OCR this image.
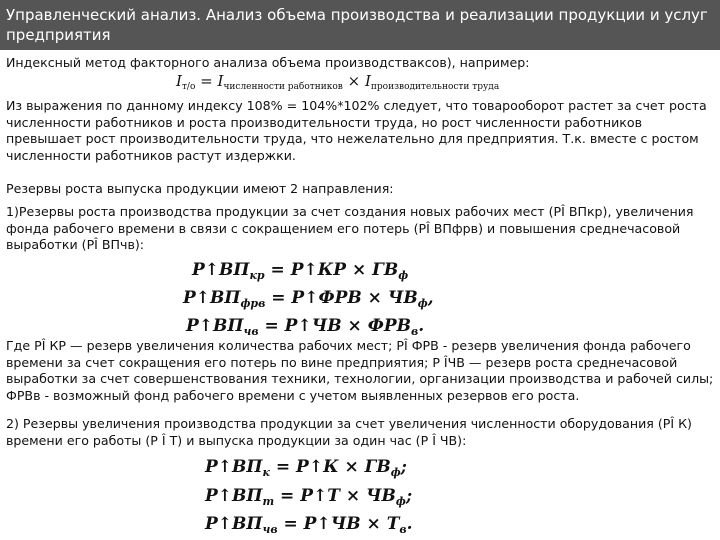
Управленческий анализ. Анализ объема производства и реализации продукции и услуг предприятия
Индексный метод факторного анализа объема производствaксов), например:
$I_{т/о} = I_{численности работников} \times I_{производительности труда}$
Из выражения по данному индексу 108% = 104%*102% следует, что товарооборот растет за счет роста численности работников и роста производительности труда, но рост численности работников превышает рост производительности труда, что нежелательно для предприятия. Т.к. вместе с ростом численности работников растут издержки.
Резервы роста выпуска продукции имеют 2 направления:
1)Резервы роста производства продукции за счет создания новых рабочих мест (РÎ ВПкр), увеличения фонда рабочего времени в связи с сокращением его потерь (РÎ ВПфрв) и повышения среднечасовой выработки (РÎ ВПчв):
$Р↑ВП_{кр}$ = Р↑КР × $ГВ_ф$
$Р↑ВП_{фрв}$ = Р↑ФРВ × $ЧВ_ф$,
$Р↑ВП_{чв}$ = Р↑ЧВ × $ФРВ_в$.
Где РÎ КР — резерв увеличения количества рабочих мест; РÎ ФРВ - резерв увеличения фонда рабочего времени за счет сокращения его потерь по вине предприятия; Р ÎЧВ — резерв роста среднечасовой выработки за счет совершенствования техники, технологии, организации производства и рабочей силы; ФРВв - возможный фонд рабочего времени с учетом выявленных резервов его роста.
2) Резервы увеличения производства продукции за счет увеличения численности оборудования (РÎ К) времени его работы (Р Î Т) и выпуска продукции за один час (Р Î ЧВ):
$Р↑ВП_к$ = Р↑К × $ГВ_ф$;
$Р↑ВП_m$ = Р↑Т × $ЧВ_ф$;
$Р↑ВП_{чв}$ = Р↑ЧВ × $Т_в$.
